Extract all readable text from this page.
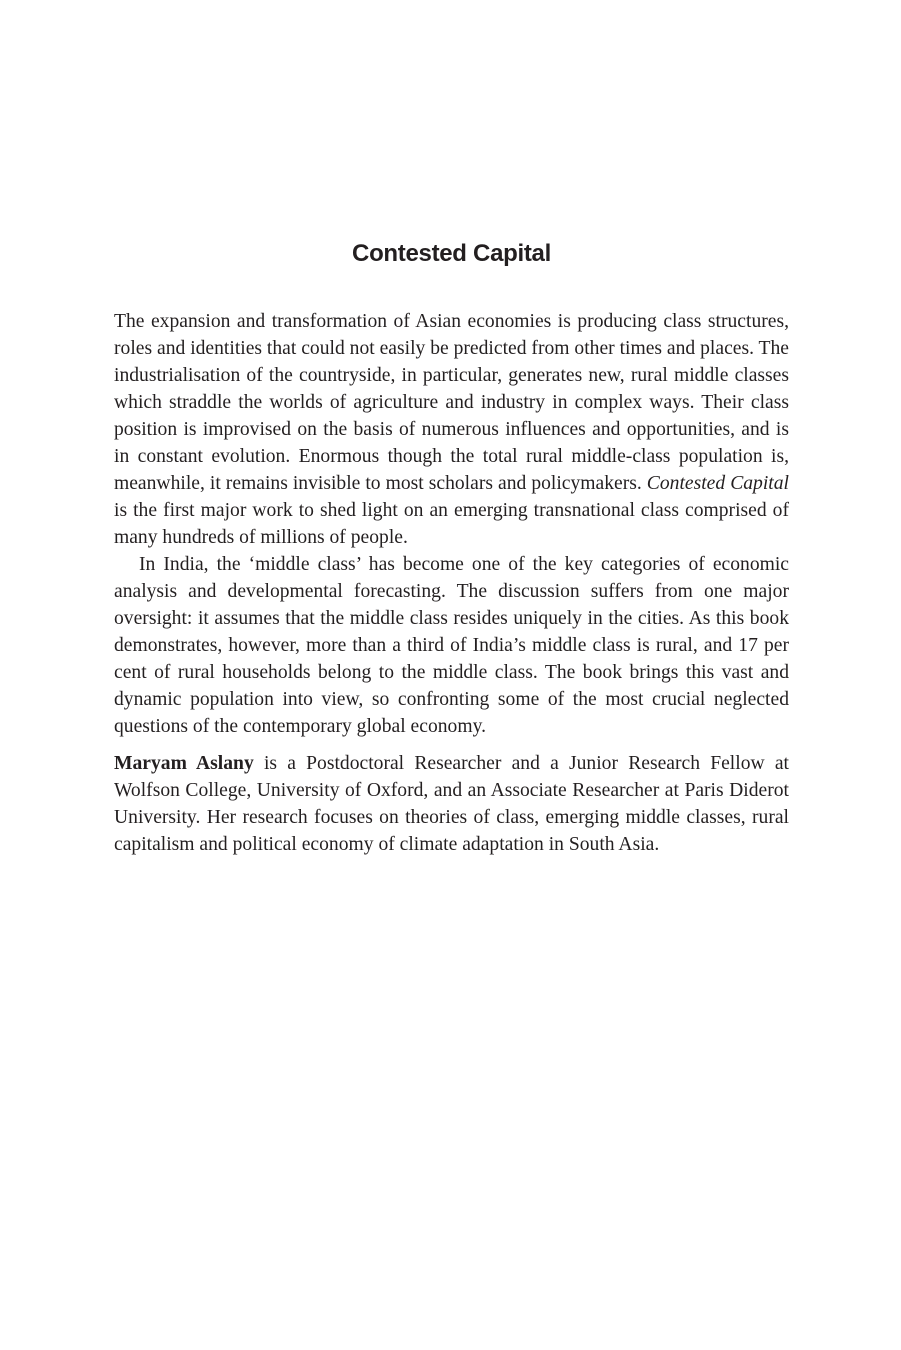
Contested Capital

The expansion and transformation of Asian economies is producing class structures, roles and identities that could not easily be predicted from other times and places. The industrialisation of the countryside, in particular, generates new, rural middle classes which straddle the worlds of agriculture and industry in complex ways. Their class position is improvised on the basis of numerous influences and opportunities, and is in constant evolution. Enormous though the total rural middle-class population is, meanwhile, it remains invisible to most scholars and policymakers. Contested Capital is the first major work to shed light on an emerging transnational class comprised of many hundreds of millions of people.

In India, the ‘middle class’ has become one of the key categories of economic analysis and developmental forecasting. The discussion suffers from one major oversight: it assumes that the middle class resides uniquely in the cities. As this book demonstrates, however, more than a third of India’s middle class is rural, and 17 per cent of rural households belong to the middle class. The book brings this vast and dynamic population into view, so confronting some of the most crucial neglected questions of the contemporary global economy.

Maryam Aslany is a Postdoctoral Researcher and a Junior Research Fellow at Wolfson College, University of Oxford, and an Associate Researcher at Paris Diderot University. Her research focuses on theories of class, emerging middle classes, rural capitalism and political economy of climate adaptation in South Asia.
